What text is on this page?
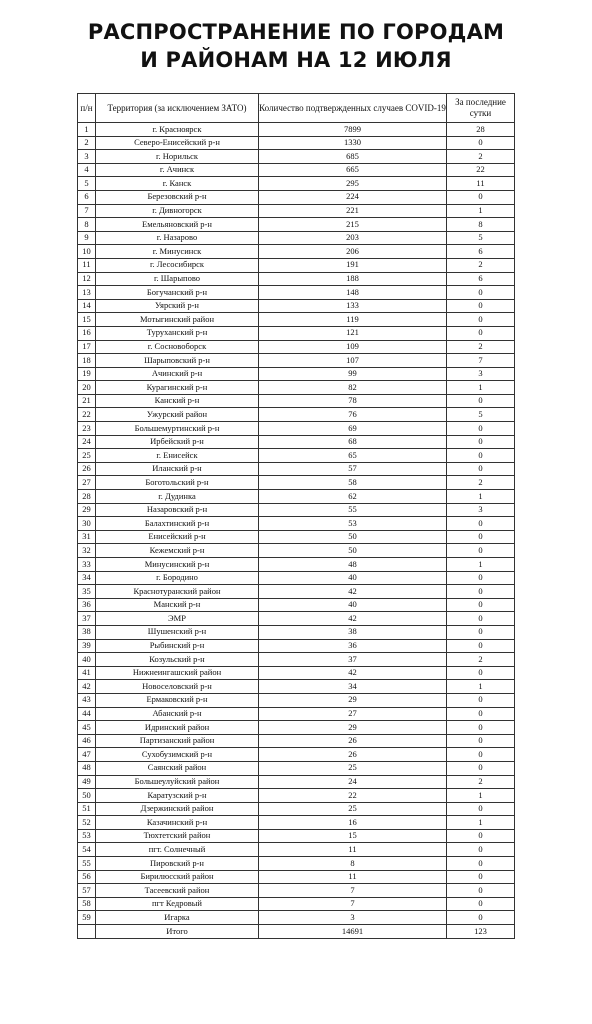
РАСПРОСТРАНЕНИЕ ПО ГОРОДАМ
И РАЙОНАМ НА 12 ИЮЛЯ
п/н	Территория (за исключением ЗАТО)	Количество подтвержденных случаев COVID-19	За последние сутки
1	г. Красноярск	7899	28
2	Северо-Енисейский р-н	1330	0
3	г. Норильск	685	2
4	г. Ачинск	665	22
5	г. Канск	295	11
6	Березовский р-н	224	0
7	г. Дивногорск	221	1
8	Емельяновский р-н	215	8
9	г. Назарово	203	5
10	г. Минусинск	206	6
11	г. Лесосибирск	191	2
12	г. Шарыпово	188	6
13	Богучанский р-н	148	0
14	Уярский р-н	133	0
15	Мотыгинский район	119	0
16	Туруханский р-н	121	0
17	г. Сосновоборск	109	2
18	Шарыповский р-н	107	7
19	Ачинский р-н	99	3
20	Курагинский р-н	82	1
21	Канский р-н	78	0
22	Ужурский район	76	5
23	Большемуртинский р-н	69	0
24	Ирбейский р-н	68	0
25	г. Енисейск	65	0
26	Иланский р-н	57	0
27	Боготольский р-н	58	2
28	г. Дудинка	62	1
29	Назаровский р-н	55	3
30	Балахтинский р-н	53	0
31	Енисейский р-н	50	0
32	Кежемский р-н	50	0
33	Минусинский р-н	48	1
34	г. Бородино	40	0
35	Краснотуранский район	42	0
36	Манский р-н	40	0
37	ЭМР	42	0
38	Шушенский р-н	38	0
39	Рыбинский р-н	36	0
40	Козульский р-н	37	2
41	Нижнеингашский район	42	0
42	Новоселовский р-н	34	1
43	Ермаковский р-н	29	0
44	Абанский р-н	27	0
45	Идринский район	29	0
46	Партизанский район	26	0
47	Сухобузимский р-н	26	0
48	Саянский район	25	0
49	Большеулуйский район	24	2
50	Каратузский р-н	22	1
51	Дзержинский район	25	0
52	Казачинский р-н	16	1
53	Тюхтетский район	15	0
54	пгт. Солнечный	11	0
55	Пировский р-н	8	0
56	Бирилюсский район	11	0
57	Тасеевский район	7	0
58	пгт Кедровый	7	0
59	Игарка	3	0
	Итого	14691	123
